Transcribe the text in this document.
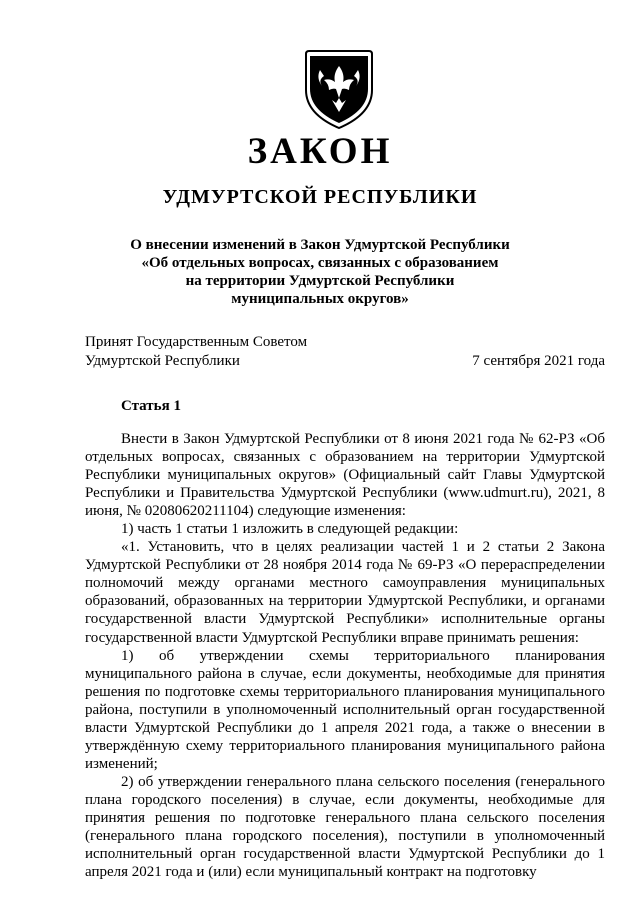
ЗАКОН
УДМУРТСКОЙ РЕСПУБЛИКИ
О внесении изменений в Закон Удмуртской Республики
«Об отдельных вопросах, связанных с образованием
на территории Удмуртской Республики
муниципальных округов»
Принят Государственным Советом
Удмуртской Республики	7 сентября 2021 года
Статья 1

Внести в Закон Удмуртской Республики от 8 июня 2021 года № 62-РЗ «Об отдельных вопросах, связанных с образованием на территории Удмуртской Республики муниципальных округов» (Официальный сайт Главы Удмуртской Республики и Правительства Удмуртской Республики (www.udmurt.ru), 2021, 8 июня, № 02080620211104) следующие изменения:

1) часть 1 статьи 1 изложить в следующей редакции:

«1. Установить, что в целях реализации частей 1 и 2 статьи 2 Закона Удмуртской Республики от 28 ноября 2014 года № 69-РЗ «О перераспределении полномочий между органами местного самоуправления муниципальных образований, образованных на территории Удмуртской Республики, и органами государственной власти Удмуртской Республики» исполнительные органы государственной власти Удмуртской Республики вправе принимать решения:

1) об утверждении схемы территориального планирования муниципального района в случае, если документы, необходимые для принятия решения по подготовке схемы территориального планирования муниципального района, поступили в уполномоченный исполнительный орган государственной власти Удмуртской Республики до 1 апреля 2021 года, а также о внесении в утверждённую схему территориального планирования муниципального района изменений;

2) об утверждении генерального плана сельского поселения (генерального плана городского поселения) в случае, если документы, необходимые для принятия решения по подготовке генерального плана сельского поселения (генерального плана городского поселения), поступили в уполномоченный исполнительный орган государственной власти Удмуртской Республики до 1 апреля 2021 года и (или) если муниципальный контракт на подготовку
